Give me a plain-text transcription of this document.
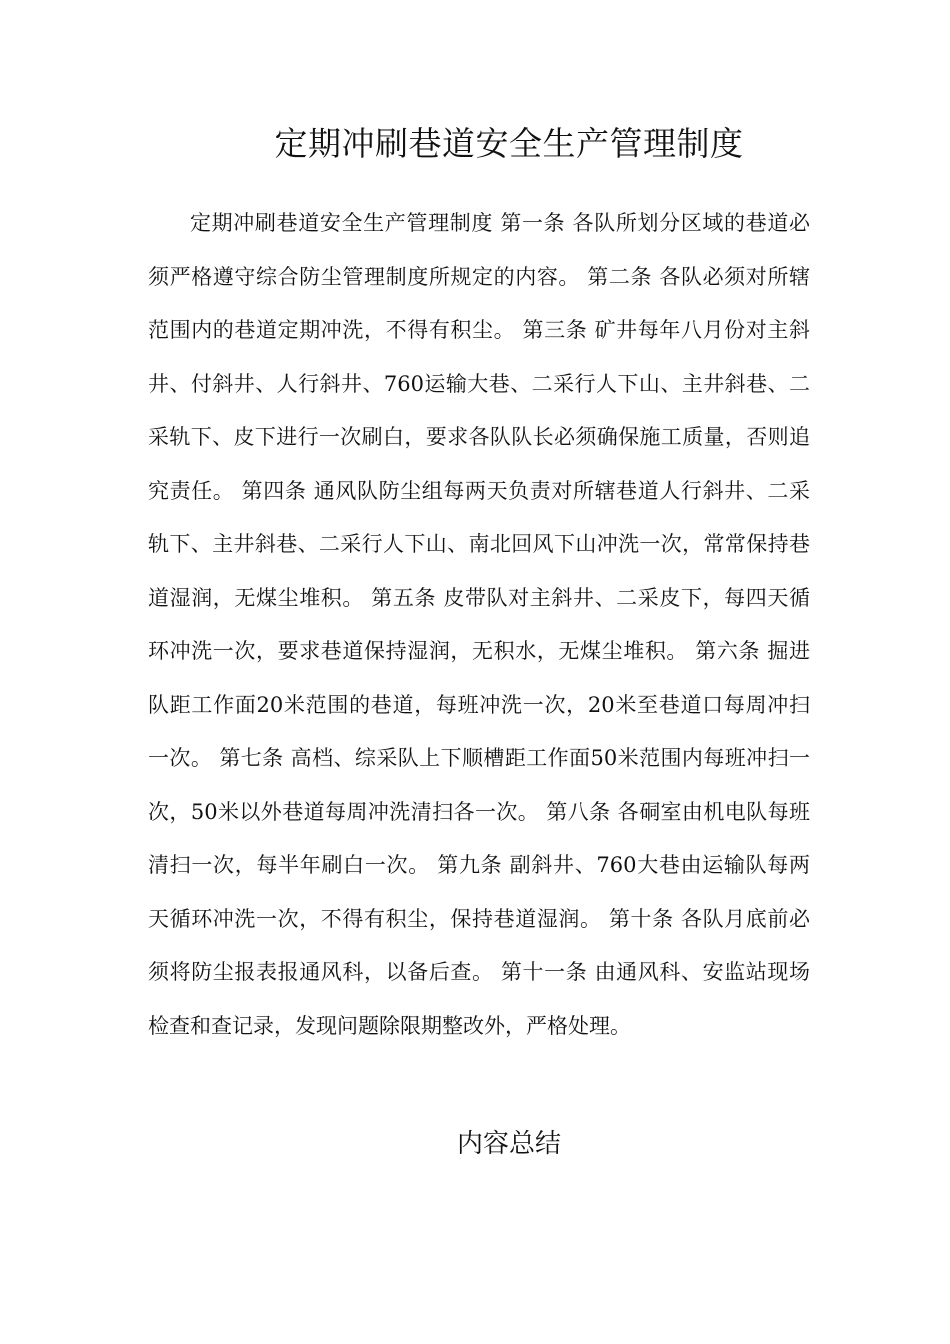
定期冲刷巷道安全生产管理制度

定期冲刷巷道安全生产管理制度 第一条 各队所划分区域的巷道必须严格遵守综合防尘管理制度所规定的内容。 第二条 各队必须对所辖范围内的巷道定期冲洗，不得有积尘。 第三条 矿井每年八月份对主斜井、付斜井、人行斜井、760运输大巷、二采行人下山、主井斜巷、二采轨下、皮下进行一次刷白，要求各队队长必须确保施工质量，否则追究责任。 第四条 通风队防尘组每两天负责对所辖巷道人行斜井、二采轨下、主井斜巷、二采行人下山、南北回风下山冲洗一次，常常保持巷道湿润，无煤尘堆积。 第五条 皮带队对主斜井、二采皮下，每四天循环冲洗一次，要求巷道保持湿润，无积水，无煤尘堆积。 第六条 掘进队距工作面20米范围的巷道，每班冲洗一次，20米至巷道口每周冲扫一次。 第七条 高档、综采队上下顺槽距工作面50米范围内每班冲扫一次，50米以外巷道每周冲洗清扫各一次。 第八条 各硐室由机电队每班清扫一次，每半年刷白一次。 第九条 副斜井、760大巷由运输队每两天循环冲洗一次，不得有积尘，保持巷道湿润。 第十条 各队月底前必须将防尘报表报通风科，以备后查。 第十一条 由通风科、安监站现场检查和查记录，发现问题除限期整改外，严格处理。

内容总结
